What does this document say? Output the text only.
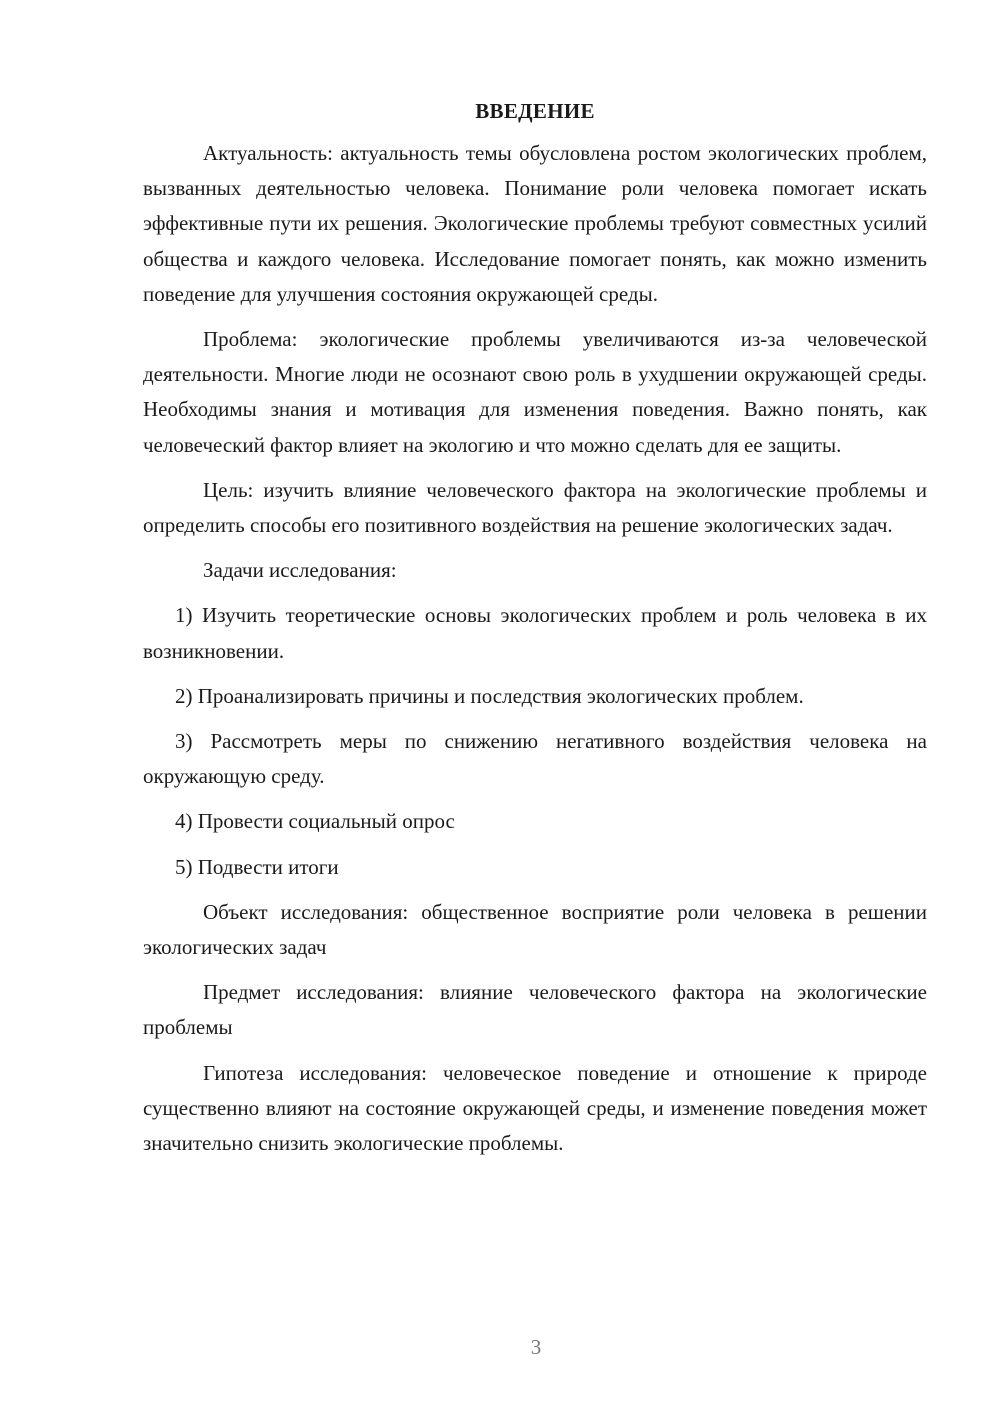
ВВЕДЕНИЕ

Актуальность: актуальность темы обусловлена ростом экологических проблем, вызванных деятельностью человека. Понимание роли человека помогает искать эффективные пути их решения. Экологические проблемы требуют совместных усилий общества и каждого человека. Исследование помогает понять, как можно изменить поведение для улучшения состояния окружающей среды.

Проблема: экологические проблемы увеличиваются из-за человеческой деятельности. Многие люди не осознают свою роль в ухудшении окружающей среды. Необходимы знания и мотивация для изменения поведения. Важно понять, как человеческий фактор влияет на экологию и что можно сделать для ее защиты.

Цель: изучить влияние человеческого фактора на экологические проблемы и определить способы его позитивного воздействия на решение экологических задач.

Задачи исследования:

1) Изучить теоретические основы экологических проблем и роль человека в их возникновении.

2) Проанализировать причины и последствия экологических проблем.

3) Рассмотреть меры по снижению негативного воздействия человека на окружающую среду.

4) Провести социальный опрос

5) Подвести итоги

Объект исследования: общественное восприятие роли человека в решении экологических задач

Предмет исследования: влияние человеческого фактора на экологические проблемы

Гипотеза исследования: человеческое поведение и отношение к природе существенно влияют на состояние окружающей среды, и изменение поведения может значительно снизить экологические проблемы.

3
